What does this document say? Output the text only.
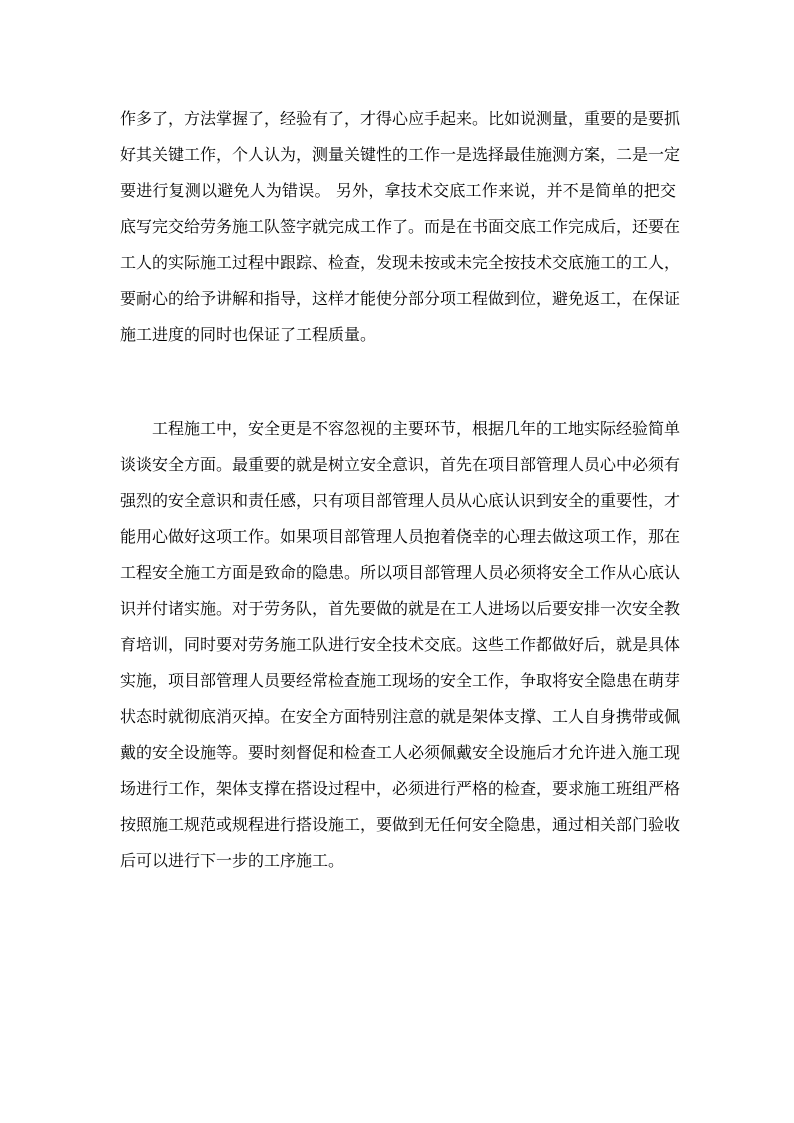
作多了，方法掌握了，经验有了，才得心应手起来。比如说测量，重要的是要抓
好其关键工作，个人认为，测量关键性的工作一是选择最佳施测方案，二是一定
要进行复测以避免人为错误。 另外，拿技术交底工作来说，并不是简单的把交
底写完交给劳务施工队签字就完成工作了。而是在书面交底工作完成后，还要在
工人的实际施工过程中跟踪、检查，发现未按或未完全按技术交底施工的工人，
要耐心的给予讲解和指导，这样才能使分部分项工程做到位，避免返工，在保证
施工进度的同时也保证了工程质量。
工程施工中，安全更是不容忽视的主要环节，根据几年的工地实际经验简单
谈谈安全方面。最重要的就是树立安全意识，首先在项目部管理人员心中必须有
强烈的安全意识和责任感，只有项目部管理人员从心底认识到安全的重要性，才
能用心做好这项工作。如果项目部管理人员抱着侥幸的心理去做这项工作，那在
工程安全施工方面是致命的隐患。所以项目部管理人员必须将安全工作从心底认
识并付诸实施。对于劳务队，首先要做的就是在工人进场以后要安排一次安全教
育培训，同时要对劳务施工队进行安全技术交底。这些工作都做好后，就是具体
实施，项目部管理人员要经常检查施工现场的安全工作，争取将安全隐患在萌芽
状态时就彻底消灭掉。在安全方面特别注意的就是架体支撑、工人自身携带或佩
戴的安全设施等。要时刻督促和检查工人必须佩戴安全设施后才允许进入施工现
场进行工作，架体支撑在搭设过程中，必须进行严格的检查，要求施工班组严格
按照施工规范或规程进行搭设施工，要做到无任何安全隐患，通过相关部门验收
后可以进行下一步的工序施工。
